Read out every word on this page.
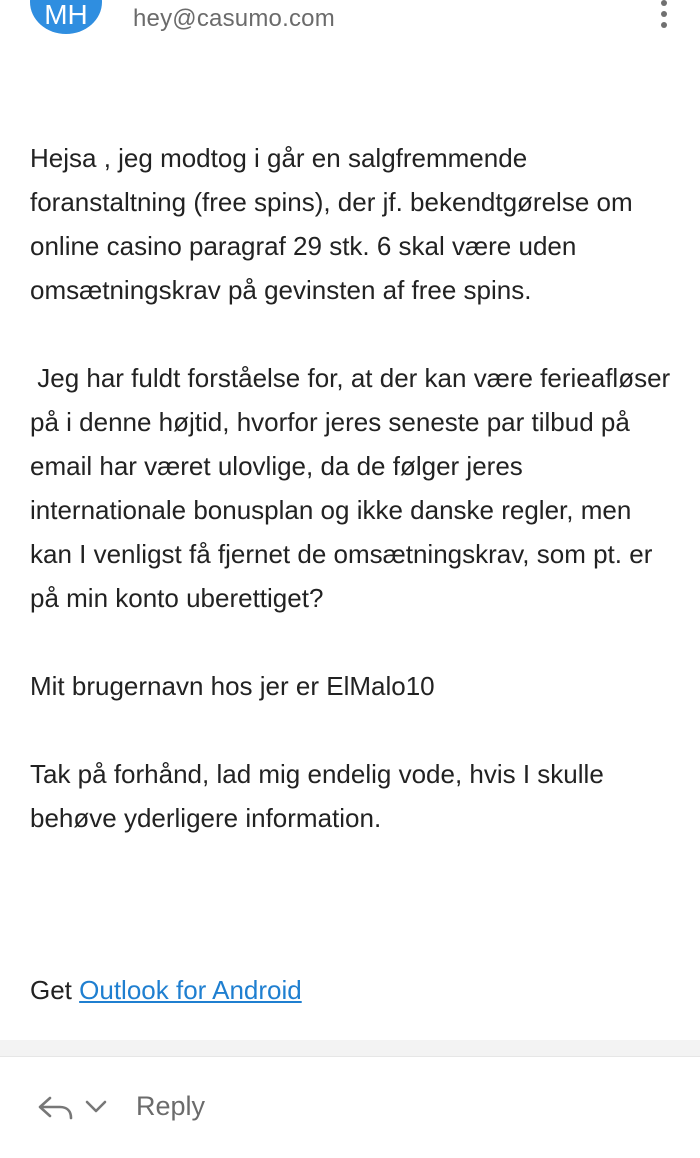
MH	hey@casumo.com

Hejsa , jeg modtog i går en salgfremmende foranstaltning (free spins), der jf. bekendtgørelse om online casino paragraf 29 stk. 6 skal være uden omsætningskrav på gevinsten af free spins.

Jeg har fuldt forståelse for, at der kan være ferieafløser på i denne højtid, hvorfor jeres seneste par tilbud på email har været ulovlige, da de følger jeres internationale bonusplan og ikke danske regler, men kan I venligst få fjernet de omsætningskrav, som pt. er på min konto uberettiget?

Mit brugernavn hos jer er ElMalo10

Tak på forhånd, lad mig endelig vode, hvis I skulle behøve yderligere information.

Get Outlook for Android
Reply
